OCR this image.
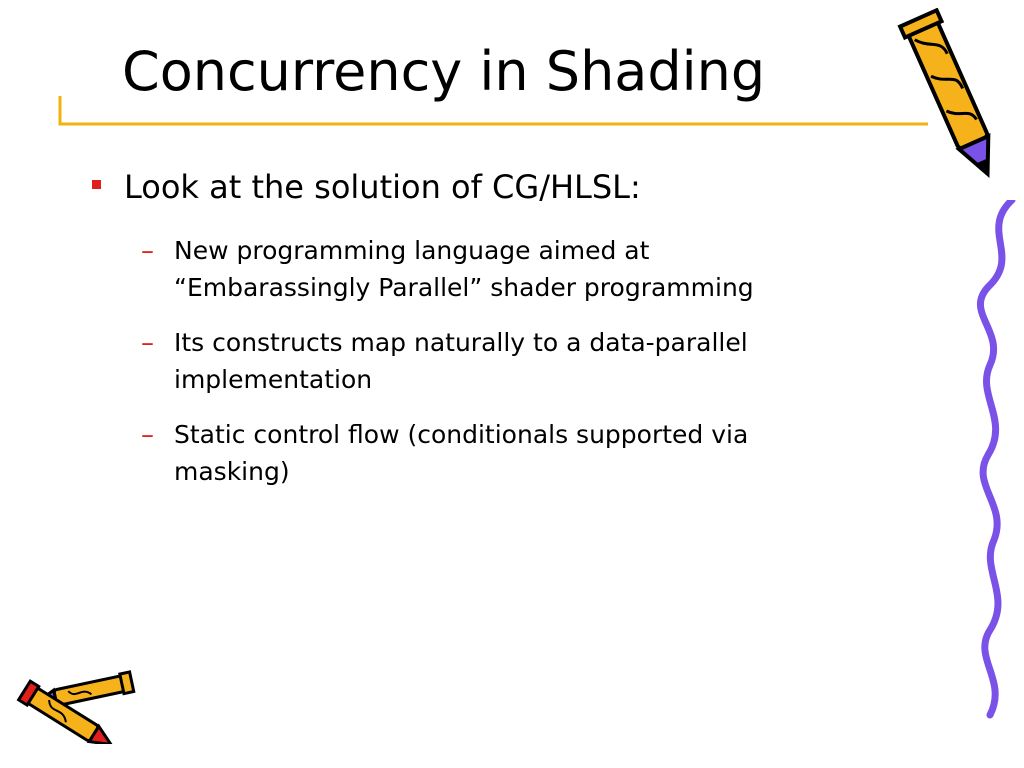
Concurrency in Shading
Look at the solution of CG/HLSL:
– New programming language aimed at
“Embarassingly Parallel” shader programming
– Its constructs map naturally to a data-parallel
implementation
– Static control flow (conditionals supported via
masking)
